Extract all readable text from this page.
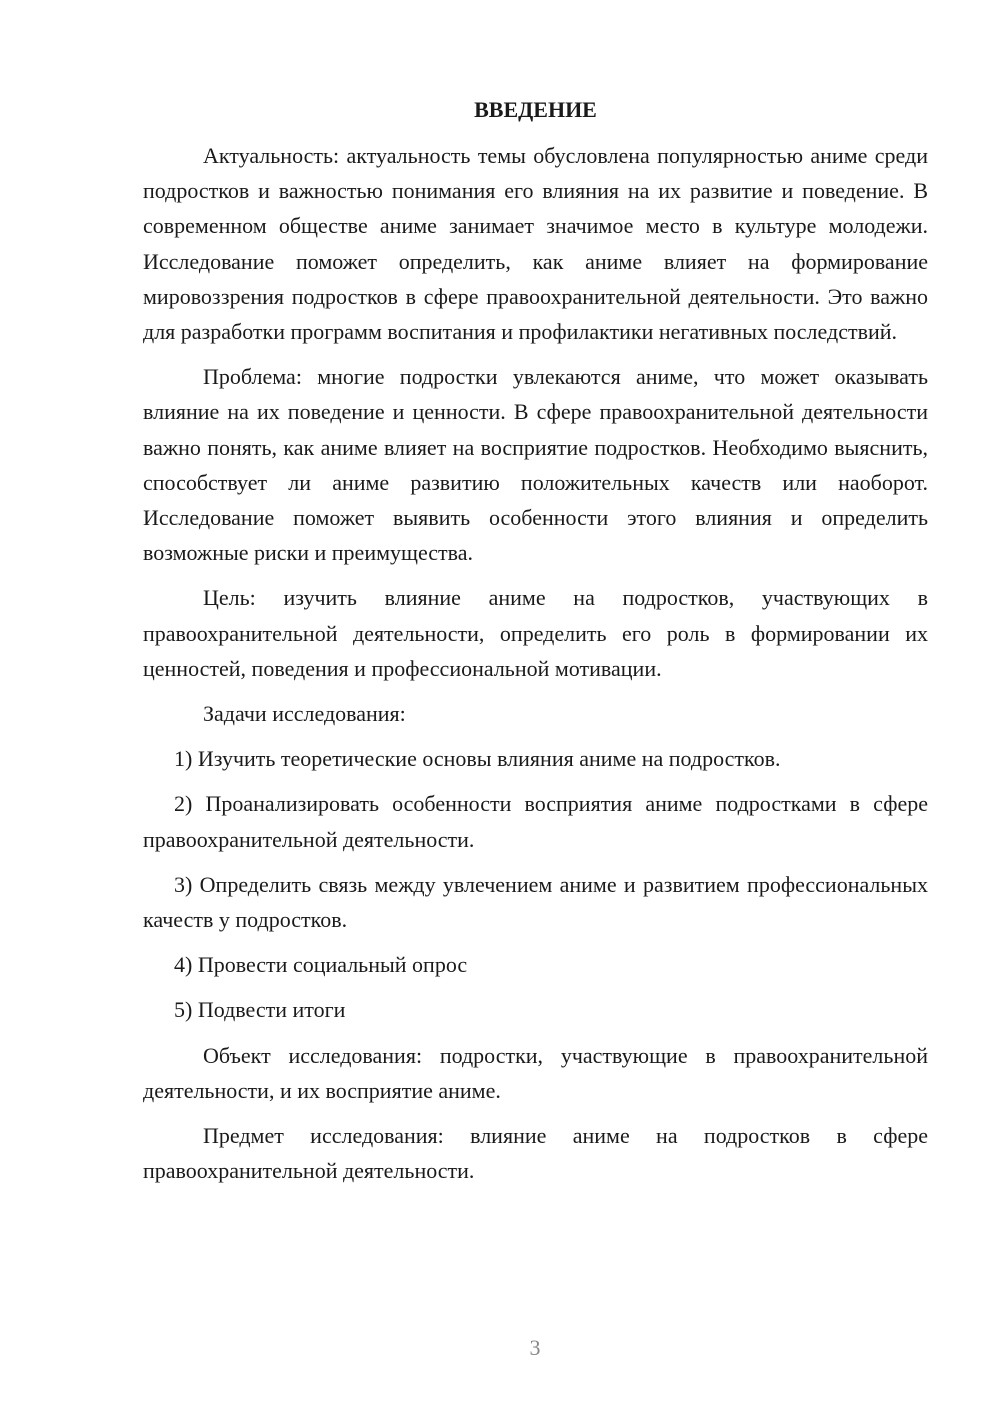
ВВЕДЕНИЕ

Актуальность: актуальность темы обусловлена популярностью аниме среди подростков и важностью понимания его влияния на их развитие и поведение. В современном обществе аниме занимает значимое место в культуре молодежи. Исследование поможет определить, как аниме влияет на формирование мировоззрения подростков в сфере правоохранительной деятельности. Это важно для разработки программ воспитания и профилактики негативных последствий.

Проблема: многие подростки увлекаются аниме, что может оказывать влияние на их поведение и ценности. В сфере правоохранительной деятельности важно понять, как аниме влияет на восприятие подростков. Необходимо выяснить, способствует ли аниме развитию положительных качеств или наоборот. Исследование поможет выявить особенности этого влияния и определить возможные риски и преимущества.

Цель: изучить влияние аниме на подростков, участвующих в правоохранительной деятельности, определить его роль в формировании их ценностей, поведения и профессиональной мотивации.

Задачи исследования:

1) Изучить теоретические основы влияния аниме на подростков.

2) Проанализировать особенности восприятия аниме подростками в сфере правоохранительной деятельности.

3) Определить связь между увлечением аниме и развитием профессиональных качеств у подростков.

4) Провести социальный опрос

5) Подвести итоги

Объект исследования: подростки, участвующие в правоохранительной деятельности, и их восприятие аниме.

Предмет исследования: влияние аниме на подростков в сфере правоохранительной деятельности.

3
